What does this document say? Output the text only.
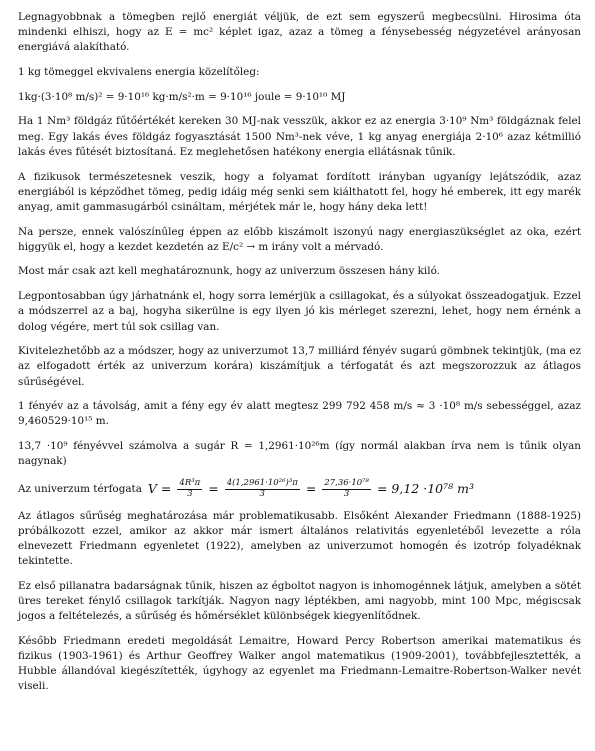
Legnagyobbnak a tömegben rejlő energiát véljük, de ezt sem egyszerű megbecsülni. Hirosima óta mindenki elhiszi, hogy az E = mc² képlet igaz, azaz a tömeg a fénysebesség négyzetével arányosan energiává alakítható.

1 kg tömeggel ekvivalens energia közelítőleg:

1kg·(3·10⁸ m/s)² = 9·10¹⁶ kg·m/s²·m = 9·10¹⁶ joule = 9·10¹⁰ MJ

Ha 1 Nm³ földgáz fűtőértékét kereken 30 MJ-nak vesszük, akkor ez az energia 3·10⁹ Nm³ földgáznak felel meg. Egy lakás éves földgáz fogyasztását 1500 Nm³-nek véve, 1 kg anyag energiája 2·10⁶ azaz kétmillió lakás éves fűtését biztosítaná. Ez meglehetősen hatékony energia ellátásnak tűnik.

A fizikusok természetesnek veszik, hogy a folyamat fordított irányban ugyanígy lejátszódik, azaz energiából is képződhet tömeg, pedig idáig még senki sem kiálthatott fel, hogy hé emberek, itt egy marék anyag, amit gammasugárból csináltam, mérjétek már le, hogy hány deka lett!

Na persze, ennek valószínűleg éppen az előbb kiszámolt iszonyú nagy energiaszükséglet az oka, ezért higgyük el, hogy a kezdet kezdetén az E/c² → m irány volt a mérvadó.

Most már csak azt kell meghatároznunk, hogy az univerzum összesen hány kiló.

Legpontosabban úgy járhatnánk el, hogy sorra lemérjük a csillagokat, és a súlyokat összeadogatjuk. Ezzel a módszerrel az a baj, hogyha sikerülne is egy ilyen jó kis mérleget szerezni, lehet, hogy nem érnénk a dolog végére, mert túl sok csillag van.

Kivitelezhetőbb az a módszer, hogy az univerzumot 13,7 milliárd fényév sugarú gömbnek tekintjük, (ma ez az elfogadott érték az univerzum korára) kiszámítjuk a térfogatát és azt megszorozzuk az átlagos sűrűségével.

1 fényév az a távolság, amit a fény egy év alatt megtesz 299 792 458 m/s ≈ 3 ·10⁸ m/s sebességgel, azaz 9,460529·10¹⁵ m.

13,7 ·10⁹ fényévvel számolva a sugár R = 1,2961·10²⁶m (így normál alakban írva nem is tűnik olyan nagynak)

Az univerzum térfogata $V = \frac{\text{4R³π}}{3} = \frac{\text{4(1,2961·10²⁶)³π}}{3} = \frac{\text{27,36·10⁷⁸}}{3} = 9,12 \cdot 10^{78}$ m³

Az átlagos sűrűség meghatározása már problematikusabb. Elsőként Alexander Friedmann (1888-1925) próbálkozott ezzel, amikor az akkor már ismert általános relativitás egyenletéből levezette a róla elnevezett Friedmann egyenletet (1922), amelyben az univerzumot homogén és izotróp folyadéknak tekintette.

Ez első pillanatra badarságnak tűnik, hiszen az égboltot nagyon is inhomogénnek látjuk, amelyben a sötét üres tereket fénylő csillagok tarkítják. Nagyon nagy léptékben, ami nagyobb, mint 100 Mpc, mégiscsak jogos a feltételezés, a sűrűség és hőmérséklet különbségek kiegyenlítődnek.

Később Friedmann eredeti megoldását Lemaitre, Howard Percy Robertson amerikai matematikus és fizikus (1903-1961) és Arthur Geoffrey Walker angol matematikus (1909-2001), továbbfejlesztették, a Hubble állandóval kiegészítették, úgyhogy az egyenlet ma Friedmann-Lemaitre-Robertson-Walker nevét viseli.
